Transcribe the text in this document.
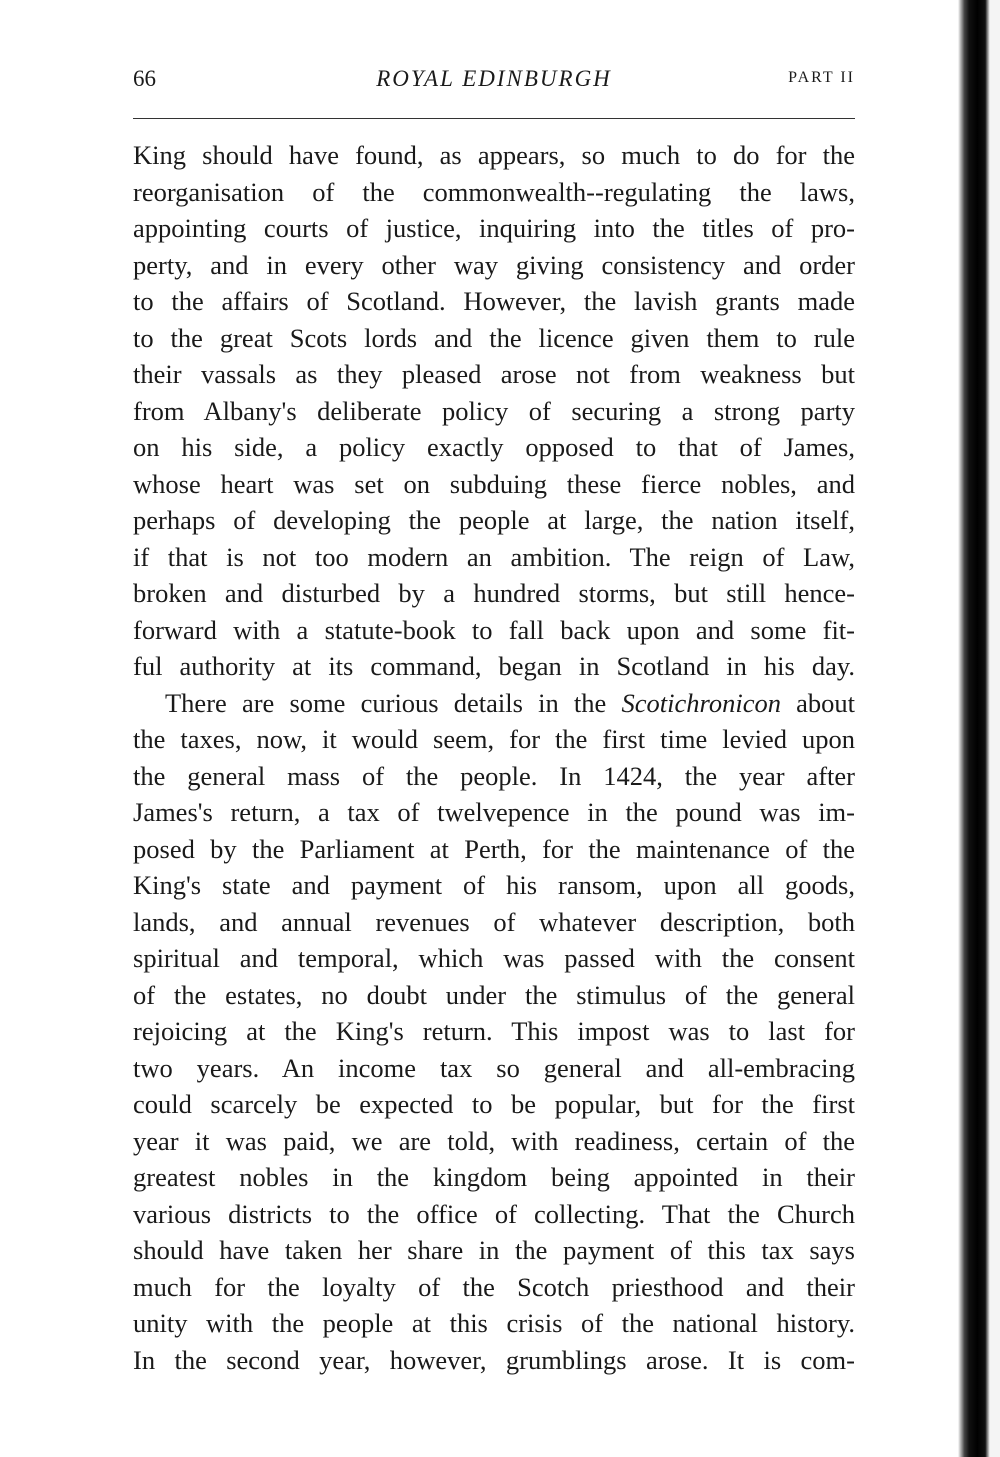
66	ROYAL EDINBURGH	PART II
King should have found, as appears, so much to do for the
reorganisation of the commonwealth--regulating the laws,
appointing courts of justice, inquiring into the titles of pro-
perty, and in every other way giving consistency and order
to the affairs of Scotland. However, the lavish grants made
to the great Scots lords and the licence given them to rule
their vassals as they pleased arose not from weakness but
from Albany's deliberate policy of securing a strong party
on his side, a policy exactly opposed to that of James,
whose heart was set on subduing these fierce nobles, and
perhaps of developing the people at large, the nation itself,
if that is not too modern an ambition. The reign of Law,
broken and disturbed by a hundred storms, but still hence-
forward with a statute-book to fall back upon and some fit-
ful authority at its command, began in Scotland in his day.
There are some curious details in the Scotichronicon about
the taxes, now, it would seem, for the first time levied upon
the general mass of the people. In 1424, the year after
James's return, a tax of twelvepence in the pound was im-
posed by the Parliament at Perth, for the maintenance of the
King's state and payment of his ransom, upon all goods,
lands, and annual revenues of whatever description, both
spiritual and temporal, which was passed with the consent
of the estates, no doubt under the stimulus of the general
rejoicing at the King's return. This impost was to last for
two years. An income tax so general and all-embracing
could scarcely be expected to be popular, but for the first
year it was paid, we are told, with readiness, certain of the
greatest nobles in the kingdom being appointed in their
various districts to the office of collecting. That the Church
should have taken her share in the payment of this tax says
much for the loyalty of the Scotch priesthood and their
unity with the people at this crisis of the national history.
In the second year, however, grumblings arose. It is com-
